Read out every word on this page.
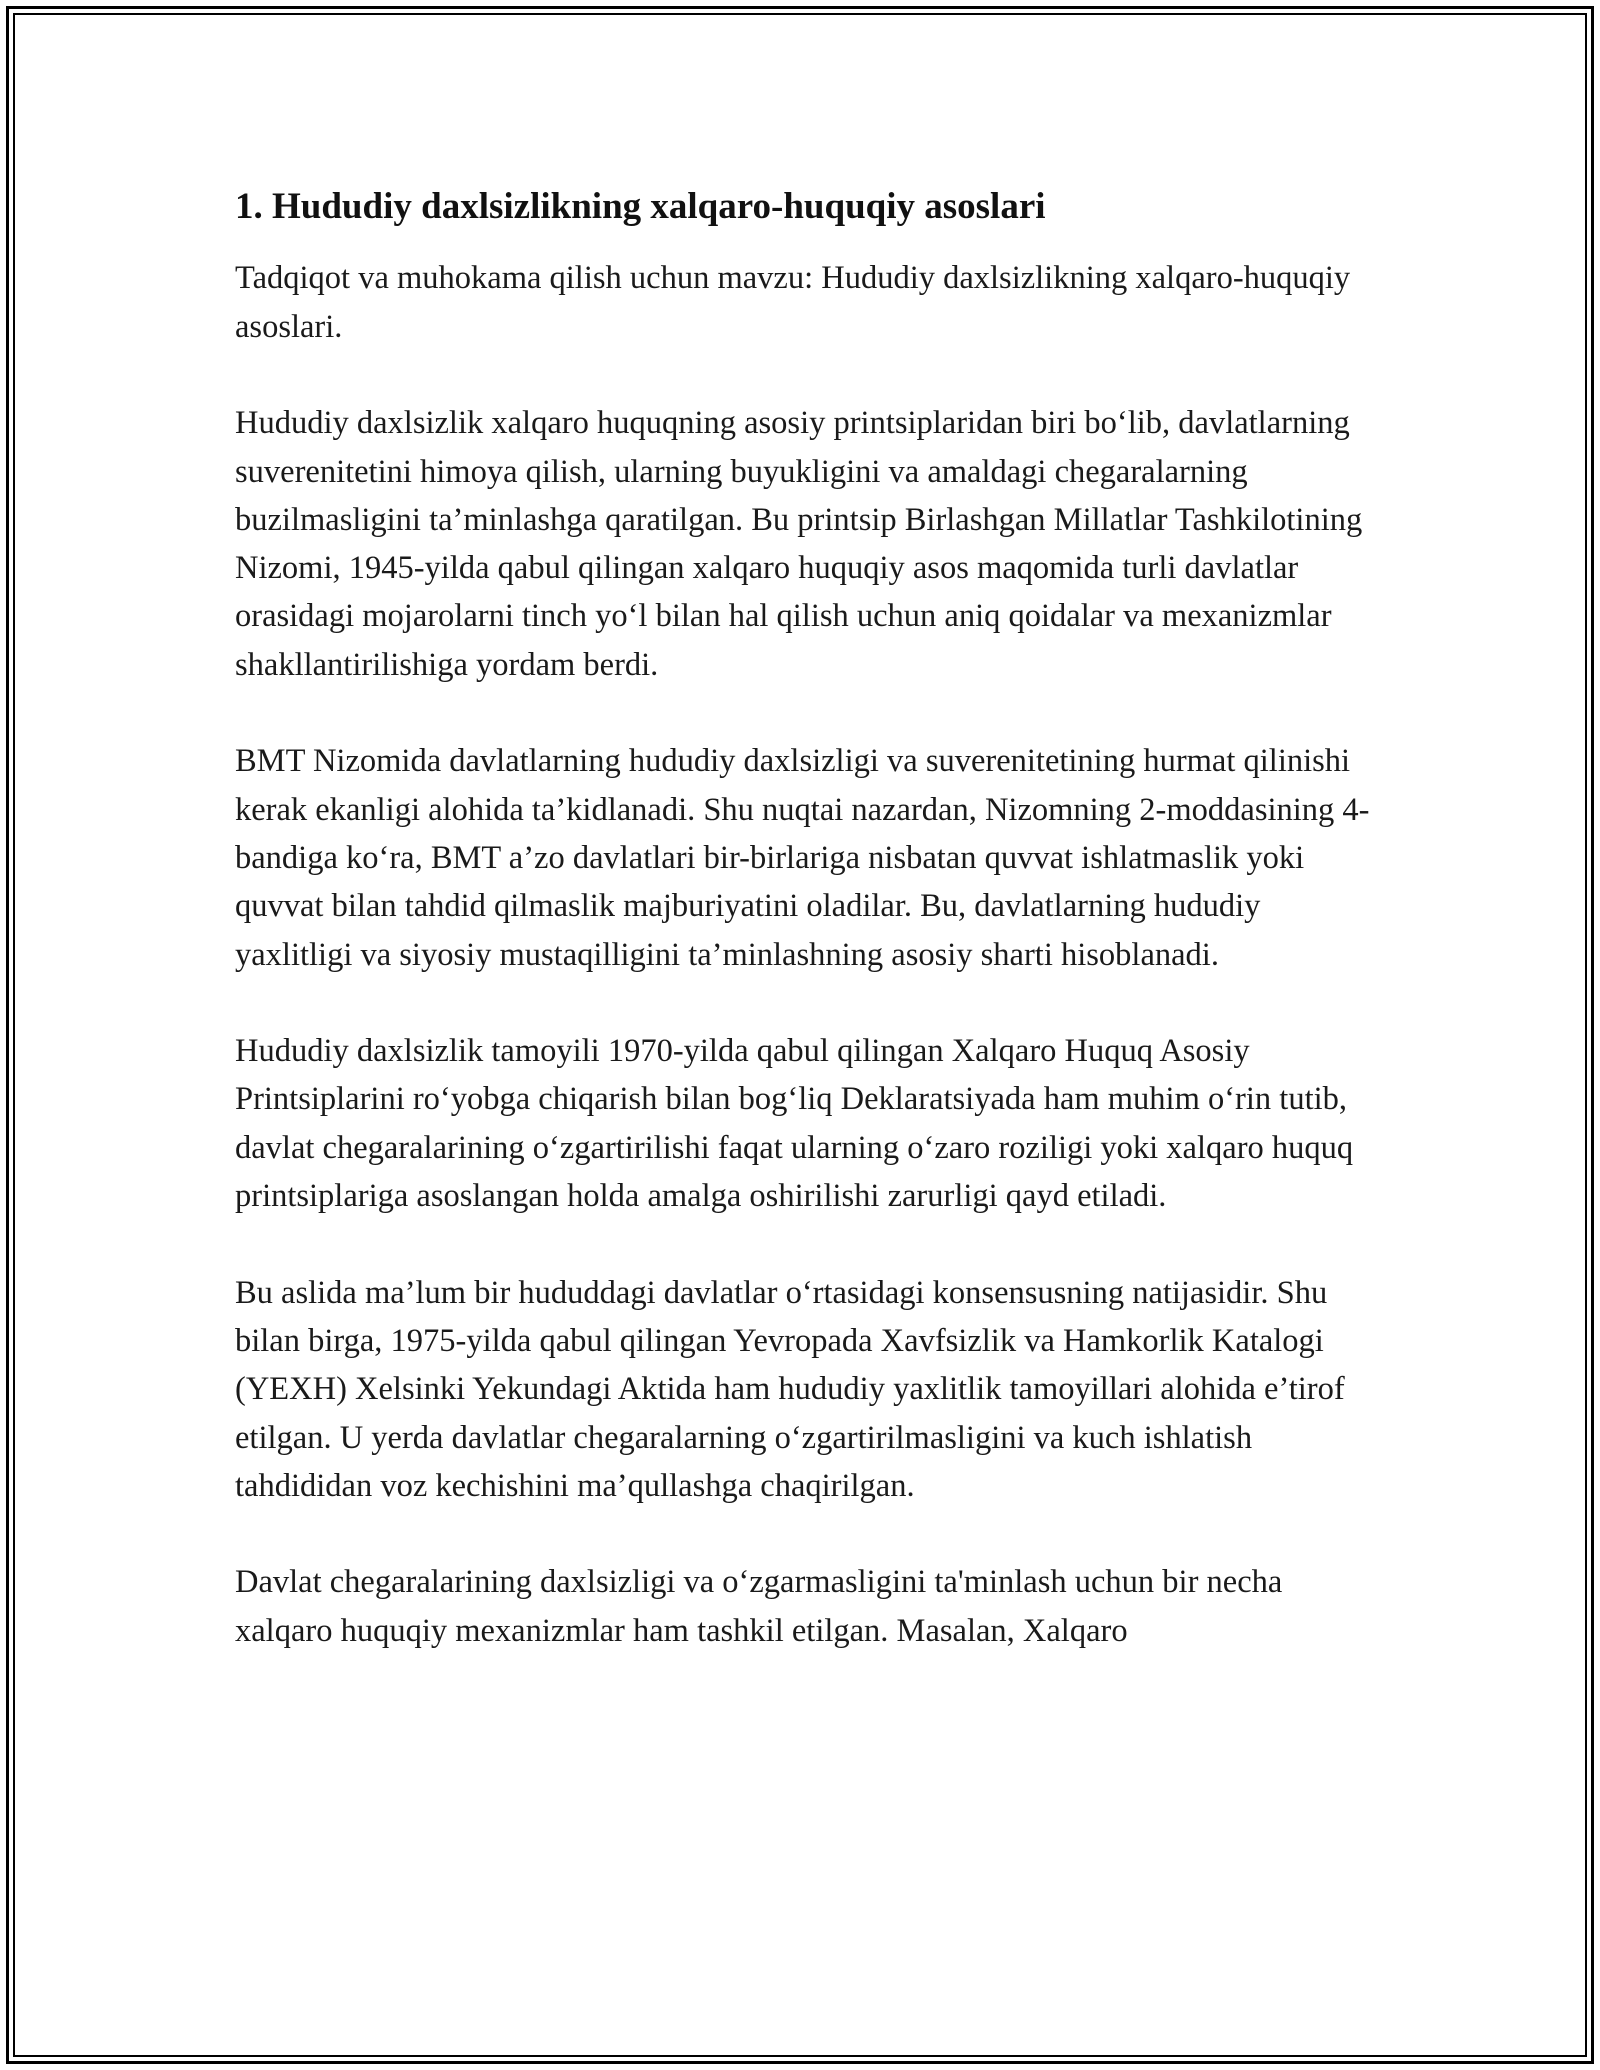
1. Hududiy daxlsizlikning xalqaro-huquqiy asoslari

Tadqiqot va muhokama qilish uchun mavzu: Hududiy daxlsizlikning xalqaro-huquqiy asoslari.

Hududiy daxlsizlik xalqaro huquqning asosiy printsiplaridan biri bo‘lib, davlatlarning suverenitetini himoya qilish, ularning buyukligini va amaldagi chegaralarning buzilmasligini ta’minlashga qaratilgan. Bu printsip Birlashgan Millatlar Tashkilotining Nizomi, 1945-yilda qabul qilingan xalqaro huquqiy asos maqomida turli davlatlar orasidagi mojarolarni tinch yo‘l bilan hal qilish uchun aniq qoidalar va mexanizmlar shakllantirilishiga yordam berdi.

BMT Nizomida davlatlarning hududiy daxlsizligi va suverenitetining hurmat qilinishi kerak ekanligi alohida ta’kidlanadi. Shu nuqtai nazardan, Nizomning 2-moddasining 4-bandiga ko‘ra, BMT a’zo davlatlari bir-birlariga nisbatan quvvat ishlatmaslik yoki quvvat bilan tahdid qilmaslik majburiyatini oladilar. Bu, davlatlarning hududiy yaxlitligi va siyosiy mustaqilligini ta’minlashning asosiy sharti hisoblanadi.

Hududiy daxlsizlik tamoyili 1970-yilda qabul qilingan Xalqaro Huquq Asosiy Printsiplarini ro‘yobga chiqarish bilan bog‘liq Deklaratsiyada ham muhim o‘rin tutib, davlat chegaralarining o‘zgartirilishi faqat ularning o‘zaro roziligi yoki xalqaro huquq printsiplariga asoslangan holda amalga oshirilishi zarurligi qayd etiladi.

Bu aslida ma’lum bir hududdagi davlatlar o‘rtasidagi konsensusning natijasidir. Shu bilan birga, 1975-yilda qabul qilingan Yevropada Xavfsizlik va Hamkorlik Katalogi (YEXH) Xelsinki Yekundagi Aktida ham hududiy yaxlitlik tamoyillari alohida e’tirof etilgan. U yerda davlatlar chegaralarning o‘zgartirilmasligini va kuch ishlatish tahdididan voz kechishini ma’qullashga chaqirilgan.

Davlat chegaralarining daxlsizligi va o‘zgarmasligini ta'minlash uchun bir necha xalqaro huquqiy mexanizmlar ham tashkil etilgan. Masalan, Xalqaro
